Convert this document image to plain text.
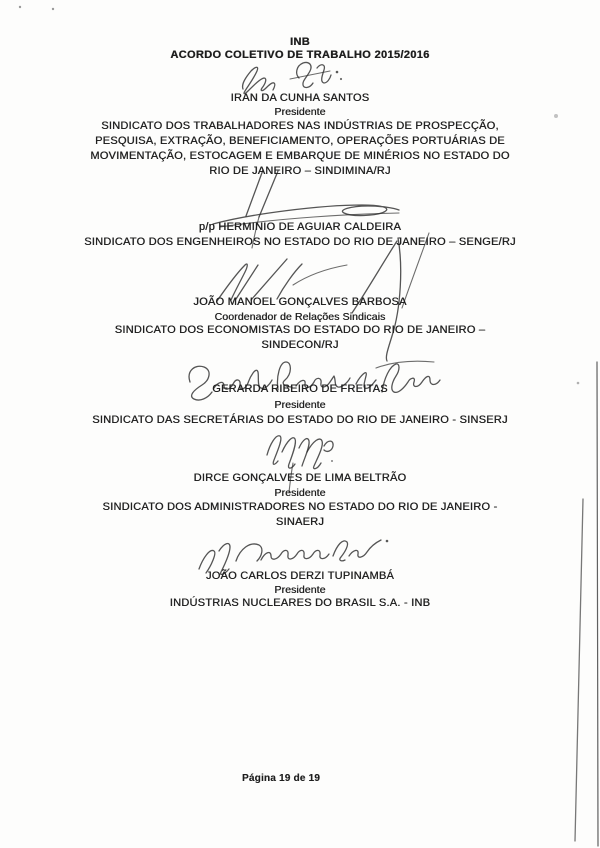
INB
ACORDO COLETIVO DE TRABALHO 2015/2016
IRAN DA CUNHA SANTOS
Presidente
SINDICATO DOS TRABALHADORES NAS INDÚSTRIAS DE PROSPECÇÃO,
PESQUISA, EXTRAÇÃO, BENEFICIAMENTO, OPERAÇÕES PORTUÁRIAS DE
MOVIMENTAÇÃO, ESTOCAGEM E EMBARQUE DE MINÉRIOS NO ESTADO DO
RIO DE JANEIRO – SINDIMINA/RJ
p/p HERMINIO DE AGUIAR CALDEIRA
SINDICATO DOS ENGENHEIROS NO ESTADO DO RIO DE JANEIRO – SENGE/RJ
JOÃO MANOEL GONÇALVES BARBOSA
Coordenador de Relações Sindicais
SINDICATO DOS ECONOMISTAS DO ESTADO DO RIO DE JANEIRO –
SINDECON/RJ
GERARDA RIBEIRO DE FREITAS
Presidente
SINDICATO DAS SECRETÁRIAS DO ESTADO DO RIO DE JANEIRO - SINSERJ
DIRCE GONÇALVES DE LIMA BELTRÃO
Presidente
SINDICATO DOS ADMINISTRADORES NO ESTADO DO RIO DE JANEIRO -
SINAERJ
JOÃO CARLOS DERZI TUPINAMBÁ
Presidente
INDÚSTRIAS NUCLEARES DO BRASIL S.A. - INB
Página 19 de 19
